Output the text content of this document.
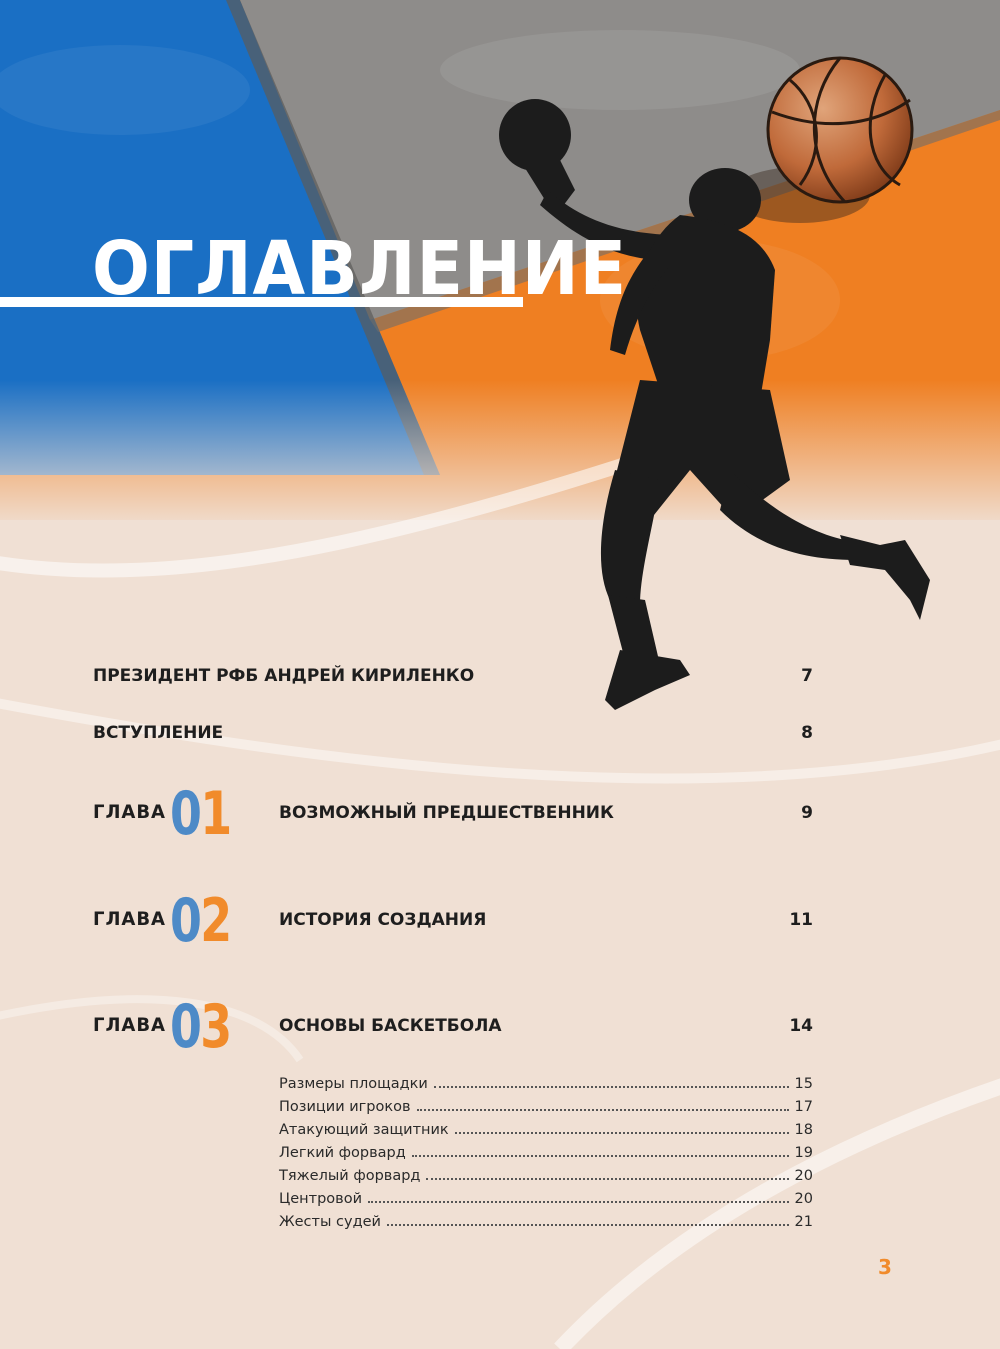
ОГЛАВЛЕНИЕ
ПРЕЗИДЕНТ РФБ АНДРЕЙ КИРИЛЕНКО	7
ВСТУПЛЕНИЕ	8
ГЛАВА 01	ВОЗМОЖНЫЙ ПРЕДШЕСТВЕННИК	9
ГЛАВА 02	ИСТОРИЯ СОЗДАНИЯ	11
ГЛАВА 03	ОСНОВЫ БАСКЕТБОЛА	14
Размеры площадки	15
Позиции игроков	17
Атакующий защитник	18
Легкий форвард	19
Тяжелый форвард	20
Центровой	20
Жесты судей	21
3
